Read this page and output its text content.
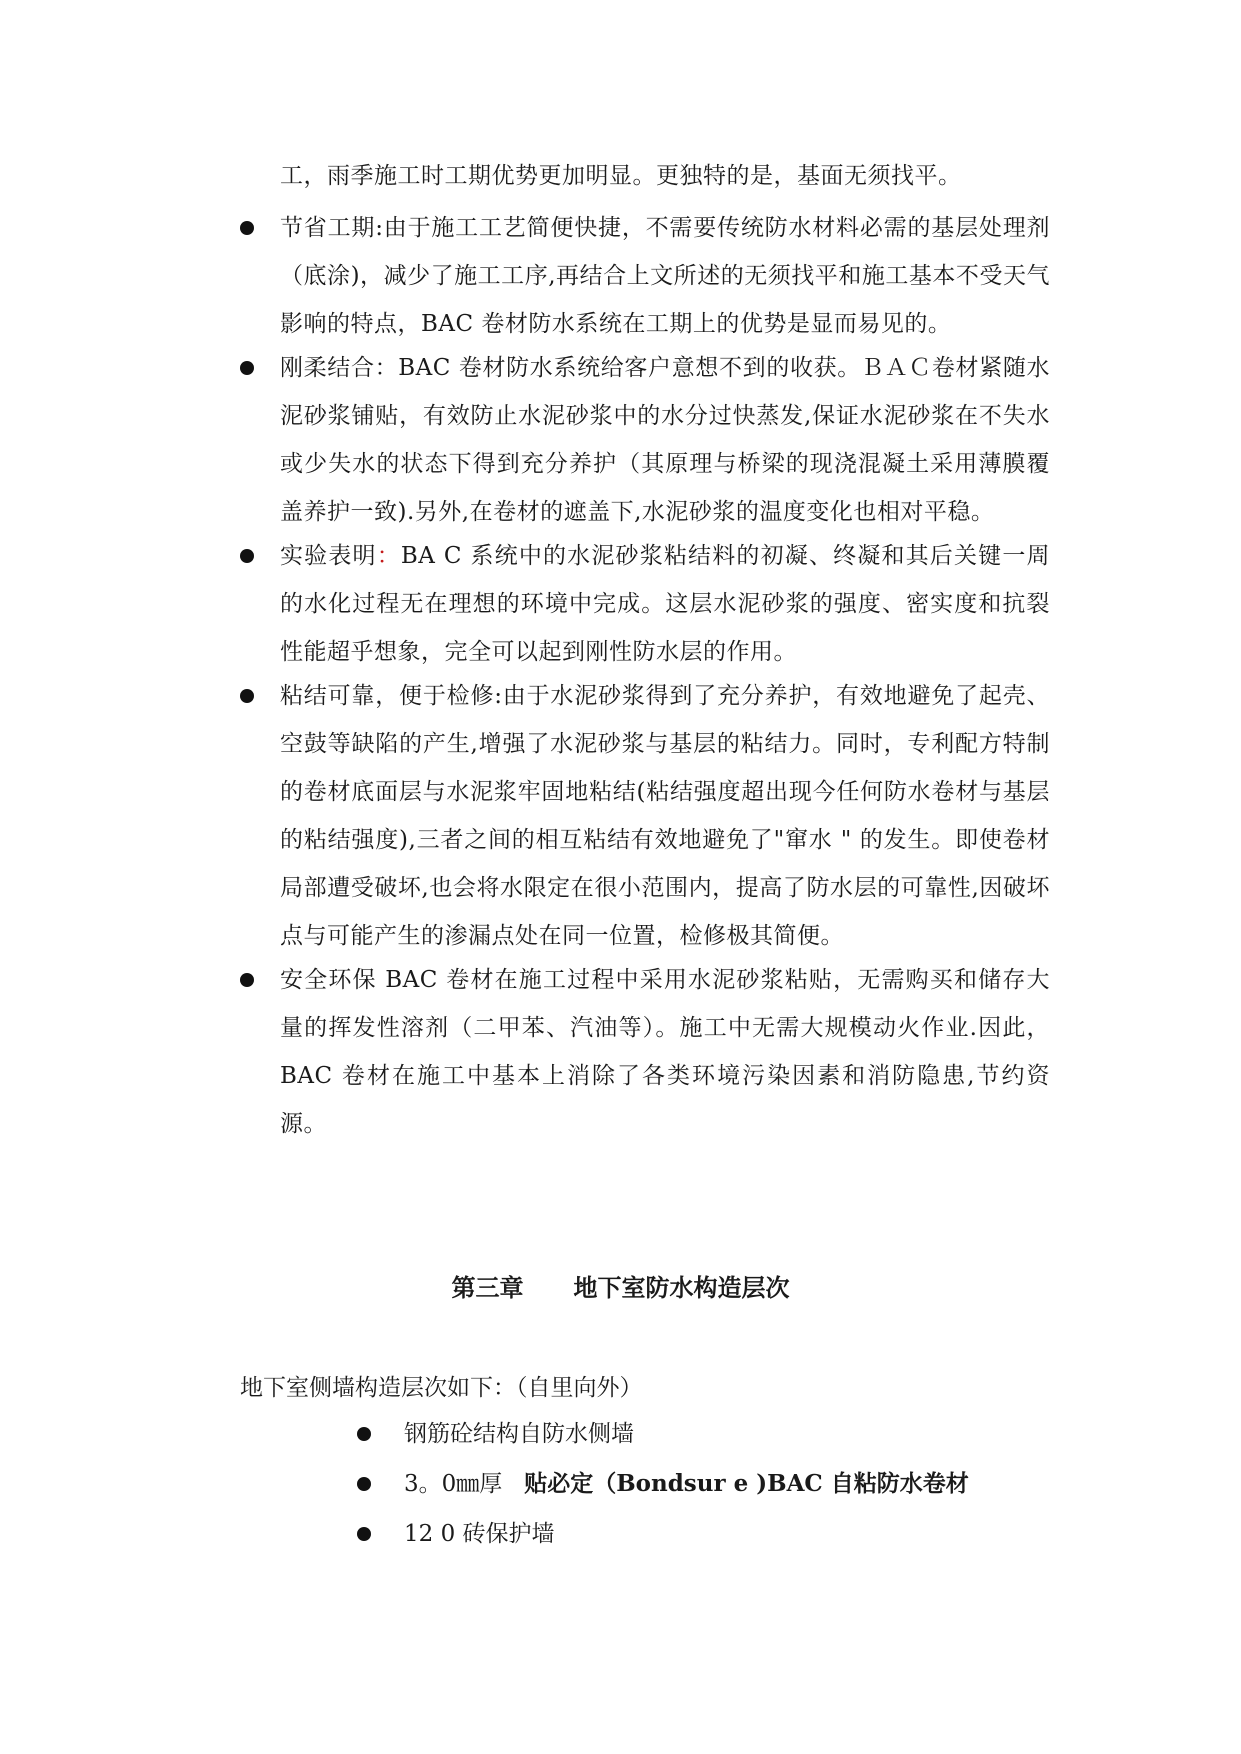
工，雨季施工时工期优势更加明显。更独特的是，基面无须找平。
节省工期:由于施工工艺简便快捷，不需要传统防水材料必需的基层处理剂（底涂)，减少了施工工序,再结合上文所述的无须找平和施工基本不受天气影响的特点，BAC 卷材防水系统在工期上的优势是显而易见的。
刚柔结合：BAC 卷材防水系统给客户意想不到的收获。ＢＡＣ卷材紧随水泥砂浆铺贴，有效防止水泥砂浆中的水分过快蒸发,保证水泥砂浆在不失水或少失水的状态下得到充分养护（其原理与桥梁的现浇混凝土采用薄膜覆盖养护一致).另外,在卷材的遮盖下,水泥砂浆的温度变化也相对平稳。
实验表明：BA C 系统中的水泥砂浆粘结料的初凝、终凝和其后关键一周的水化过程无在理想的环境中完成。这层水泥砂浆的强度、密实度和抗裂性能超乎想象，完全可以起到刚性防水层的作用。
粘结可靠，便于检修:由于水泥砂浆得到了充分养护，有效地避免了起壳、空鼓等缺陷的产生,增强了水泥砂浆与基层的粘结力。同时，专利配方特制的卷材底面层与水泥浆牢固地粘结(粘结强度超出现今任何防水卷材与基层的粘结强度),三者之间的相互粘结有效地避免了"窜水 " 的发生。即使卷材局部遭受破坏,也会将水限定在很小范围内，提高了防水层的可靠性,因破坏点与可能产生的渗漏点处在同一位置，检修极其简便。
安全环保 BAC 卷材在施工过程中采用水泥砂浆粘贴，无需购买和储存大量的挥发性溶剂（二甲苯、汽油等）。施工中无需大规模动火作业.因此，BAC 卷材在施工中基本上消除了各类环境污染因素和消防隐患,节约资源。
第三章 地下室防水构造层次
地下室侧墙构造层次如下：（自里向外）
钢筋砼结构自防水侧墙
3。0㎜厚 贴必定（Bondsur e )BAC 自粘防水卷材
12 0 砖保护墙
